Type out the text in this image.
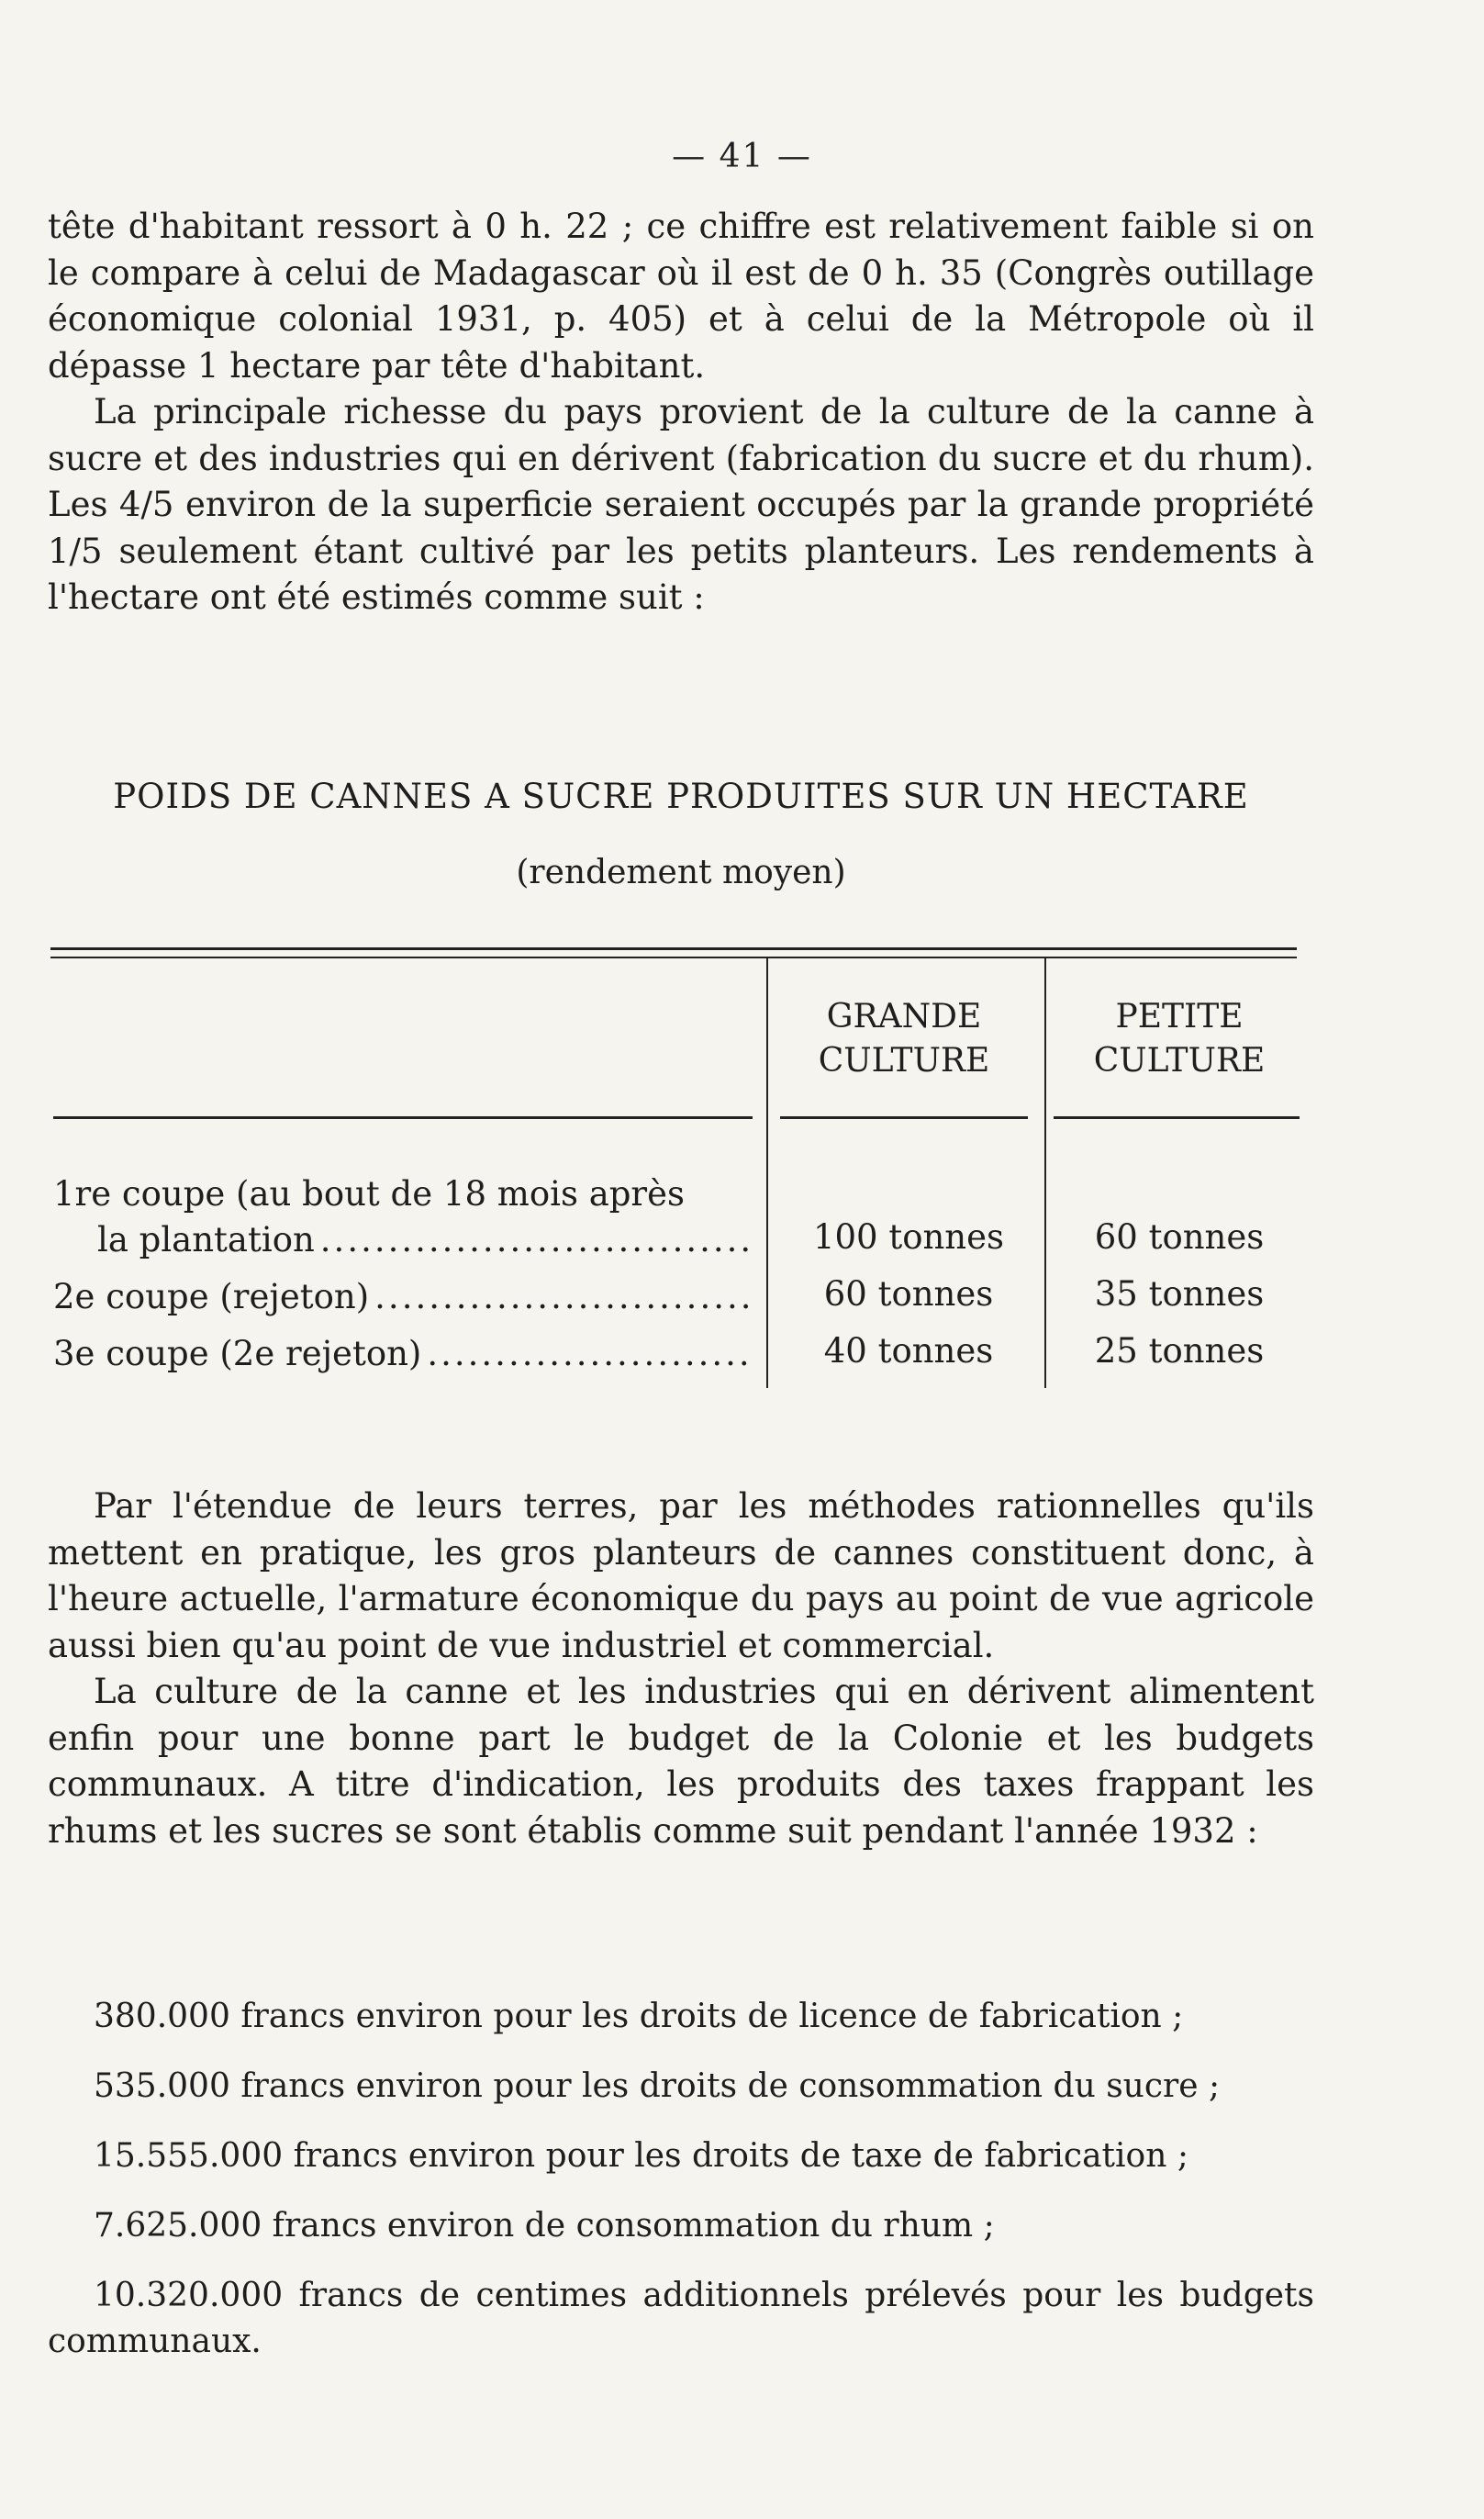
— 41 —

tête d'habitant ressort à 0 h. 22 ; ce chiffre est relativement faible si on le compare à celui de Madagascar où il est de 0 h. 35 (Congrès outillage économique colonial 1931, p. 405) et à celui de la Métropole où il dépasse 1 hectare par tête d'habitant.

La principale richesse du pays provient de la culture de la canne à sucre et des industries qui en dérivent (fabrication du sucre et du rhum). Les 4/5 environ de la superficie seraient occupés par la grande propriété 1/5 seulement étant cultivé par les petits planteurs. Les rendements à l'hectare ont été estimés comme suit :

POIDS DE CANNES A SUCRE PRODUITES SUR UN HECTARE
(rendement moyen)
GRANDE CULTURE
PETITE CULTURE
1re coupe (au bout de 18 mois après
la plantation .....	100 tonnes	60 tonnes
2e coupe (rejeton) .....	60 tonnes	35 tonnes
3e coupe (2e rejeton) .....	40 tonnes	25 tonnes

Par l'étendue de leurs terres, par les méthodes rationnelles qu'ils mettent en pratique, les gros planteurs de cannes constituent donc, à l'heure actuelle, l'armature économique du pays au point de vue agricole aussi bien qu'au point de vue industriel et commercial.

La culture de la canne et les industries qui en dérivent alimentent enfin pour une bonne part le budget de la Colonie et les budgets communaux. A titre d'indication, les produits des taxes frappant les rhums et les sucres se sont établis comme suit pendant l'année 1932 :

380.000 francs environ pour les droits de licence de fabrication ;

535.000 francs environ pour les droits de consommation du sucre ;

15.555.000 francs environ pour les droits de taxe de fabrication ;

7.625.000 francs environ de consommation du rhum ;

10.320.000 francs de centimes additionnels prélevés pour les budgets communaux.
